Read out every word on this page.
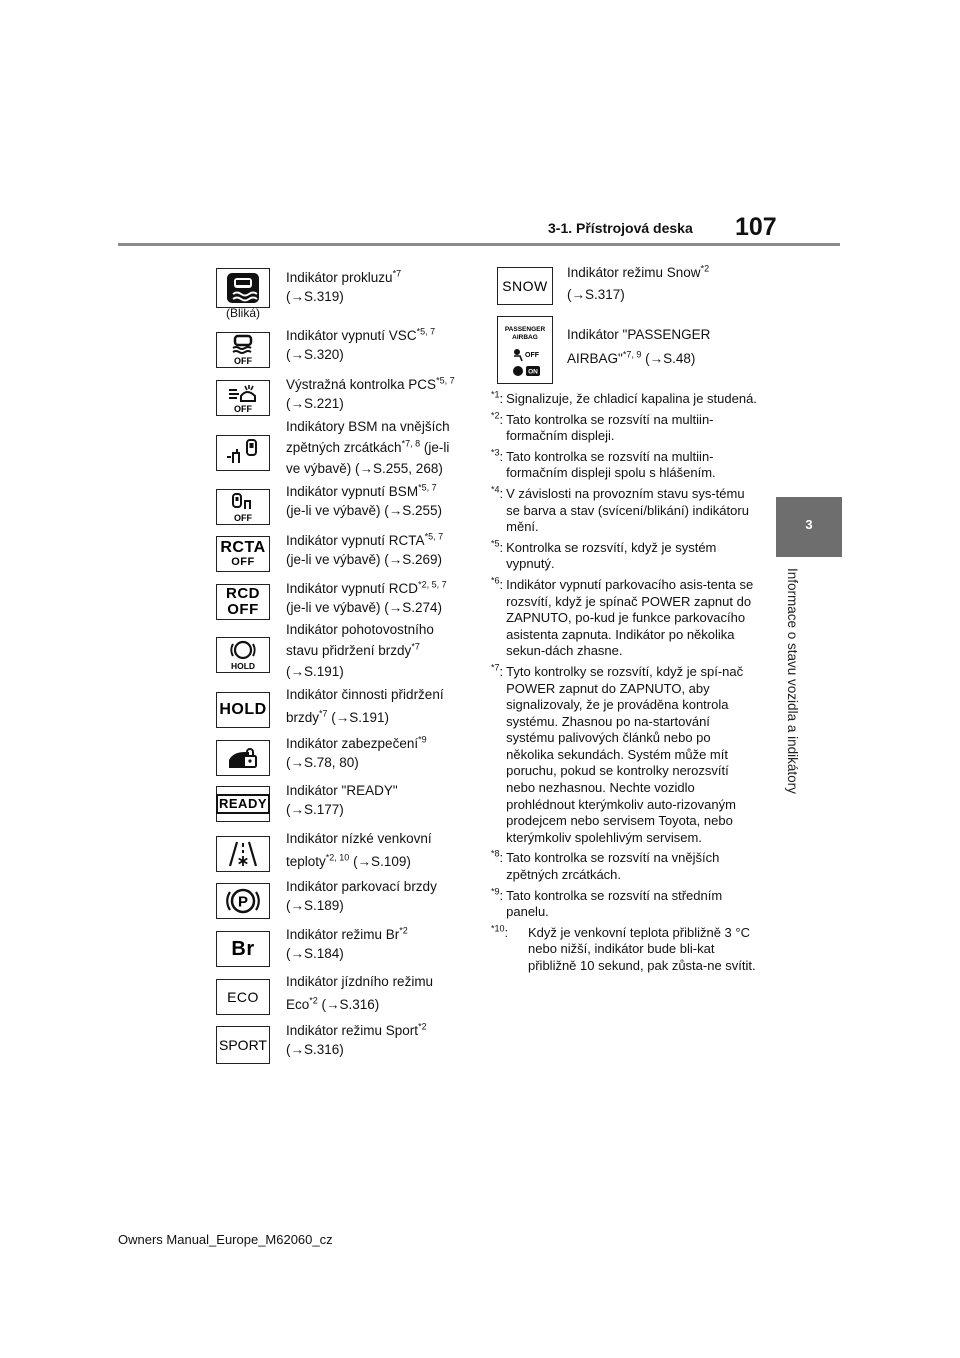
3-1. Přístrojová deska 107
3
Informace o stavu vozidla a indikátory
(Bliká)
OFF
OFF
OFF
RCTA
OFF
RCD
OFF
HOLD
HOLD
READY
P
Br
ECO
SPORT
Indikátor prokluzu$^{*7}$
(→S.319)
Indikátor vypnutí VSC$^{*5, 7}$
(→S.320)
Výstražná kontrolka PCS$^{*5, 7}$
(→S.221)
Indikátory BSM na vnějších
zpětných zrcátkách$^{*7, 8}$ (je-li
ve výbavě) (→S.255, 268)
Indikátor vypnutí BSM$^{*5, 7}$
(je-li ve výbavě) (→S.255)
Indikátor vypnutí RCTA$^{*5, 7}$
(je-li ve výbavě) (→S.269)
Indikátor vypnutí RCD$^{*2, 5, 7}$
(je-li ve výbavě) (→S.274)
Indikátor pohotovostního
stavu přidržení brzdy$^{*7}$
(→S.191)
Indikátor činnosti přidržení
brzdy$^{*7}$ (→S.191)
Indikátor zabezpečení$^{*9}$
(→S.78, 80)
Indikátor "READY"
(→S.177)
Indikátor nízké venkovní
teploty$^{*2, 10}$ (→S.109)
Indikátor parkovací brzdy
(→S.189)
Indikátor režimu Br$^{*2}$
(→S.184)
Indikátor jízdního režimu
Eco$^{*2}$ (→S.316)
Indikátor režimu Sport$^{*2}$
(→S.316)
SNOW
PASSENGER
AIRBAG
OFF
ON
Indikátor režimu Snow$^{*2}$
(→S.317)
Indikátor "PASSENGER
AIRBAG"$^{*7, 9}$ (→S.48)
$^{*1}$: Signalizuje, že chladicí kapalina je studená.
$^{*2}$: Tato kontrolka se rozsvítí na multiin-formačním displeji.
$^{*3}$: Tato kontrolka se rozsvítí na multiin-formačním displeji spolu s hlášením.
$^{*4}$: V závislosti na provozním stavu sys-tému se barva a stav (svícení/blikání) indikátoru mění.
$^{*5}$: Kontrolka se rozsvítí, když je systém vypnutý.
$^{*6}$: Indikátor vypnutí parkovacího asis-tenta se rozsvítí, když je spínač POWER zapnut do ZAPNUTO, po-kud je funkce parkovacího asistenta zapnuta. Indikátor po několika sekun-dách zhasne.
$^{*7}$: Tyto kontrolky se rozsvítí, když je spí-nač POWER zapnut do ZAPNUTO, aby signalizovaly, že je prováděna kontrola systému. Zhasnou po na-startování systému palivových článků nebo po několika sekundách. Systém může mít poruchu, pokud se kontrolky nerozsvítí nebo nezhasnou. Nechte vozidlo prohlédnout kterýmkoliv auto-rizovaným prodejcem nebo servisem Toyota, nebo kterýmkoliv spolehlivým servisem.
$^{*8}$: Tato kontrolka se rozsvítí na vnějších zpětných zrcátkách.
$^{*9}$: Tato kontrolka se rozsvítí na středním panelu.
$^{*10}$:	Když je venkovní teplota přibližně 3 °C nebo nižší, indikátor bude bli-kat přibližně 10 sekund, pak zůsta-ne svítit.
Owners Manual_Europe_M62060_cz
